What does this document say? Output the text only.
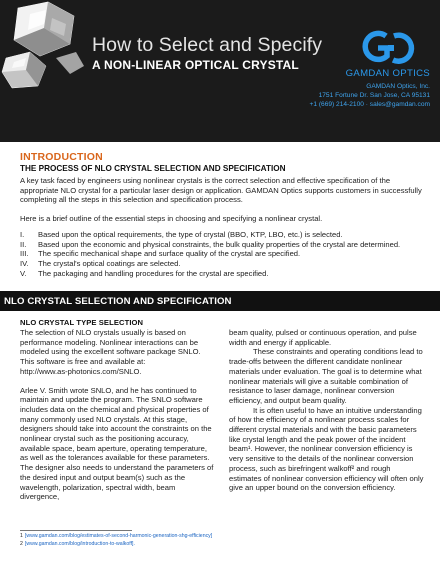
How to Select and Specify
A NON-LINEAR OPTICAL CRYSTAL
GAMDAN OPTICS
GAMDAN Optics, Inc.
1751 Fortune Dr. San Jose, CA 95131
+1 (669) 214-2100 · sales@gamdan.com
INTRODUCTION
THE PROCESS OF NLO CRYSTAL SELECTION AND SPECIFICATION

A key task faced by engineers using nonlinear crystals is the correct selection and effective specification of the appropriate NLO crystal for a particular laser design or application. GAMDAN Optics supports customers in successfully completing all the steps in this selection and specification process.

Here is a brief outline of the essential steps in choosing and specifying a nonlinear crystal.

I. Based upon the optical requirements, the type of crystal (BBO, KTP, LBO, etc.) is selected.
II. Based upon the economic and physical constraints, the bulk quality properties of the crystal are determined.
III. The specific mechanical shape and surface quality of the crystal are specified.
IV. The crystal's optical coatings are selected.
V. The packaging and handling procedures for the crystal are specified.
NLO CRYSTAL SELECTION AND SPECIFICATION
NLO CRYSTAL TYPE SELECTION

The selection of NLO crystals usually is based on performance modeling. Nonlinear interactions can be modeled using the excellent software package SNLO. This software is free and available at:

http://www.as-photonics.com/SNLO.

Arlee V. Smith wrote SNLO, and he has continued to maintain and update the program. The SNLO software includes data on the chemical and physical properties of many commonly used NLO crystals. At this stage, designers should take into account the constraints on the nonlinear crystal such as the positioning accuracy, available space, beam aperture, operating temperature, as well as the tolerances available for these parameters. The designer also needs to understand the parameters of the desired input and output beam(s) such as the wavelength, polarization, spectral width, beam divergence,

beam quality, pulsed or continuous operation, and pulse width and energy if applicable.

These constraints and operating conditions lead to trade-offs between the different candidate nonlinear materials under evaluation. The goal is to determine what nonlinear materials will give a suitable combination of resistance to laser damage, nonlinear conversion efficiency, and output beam quality.

It is often useful to have an intuitive understanding of how the efficiency of a nonlinear process scales for different crystal materials and with the basic parameters like crystal length and the peak power of the incident beam¹. However, the nonlinear conversion efficiency is very sensitive to the details of the nonlinear conversion process, such as birefringent walkoff² and rough estimates of nonlinear conversion efficiency will often only give an upper bound on the conversion efficiency.

1 [www.gamdan.com/blog/estimates-of-second-harmonic-generation-shg-efficiency]
2 [www.gamdan.com/blog/introduction-to-walkoff].
